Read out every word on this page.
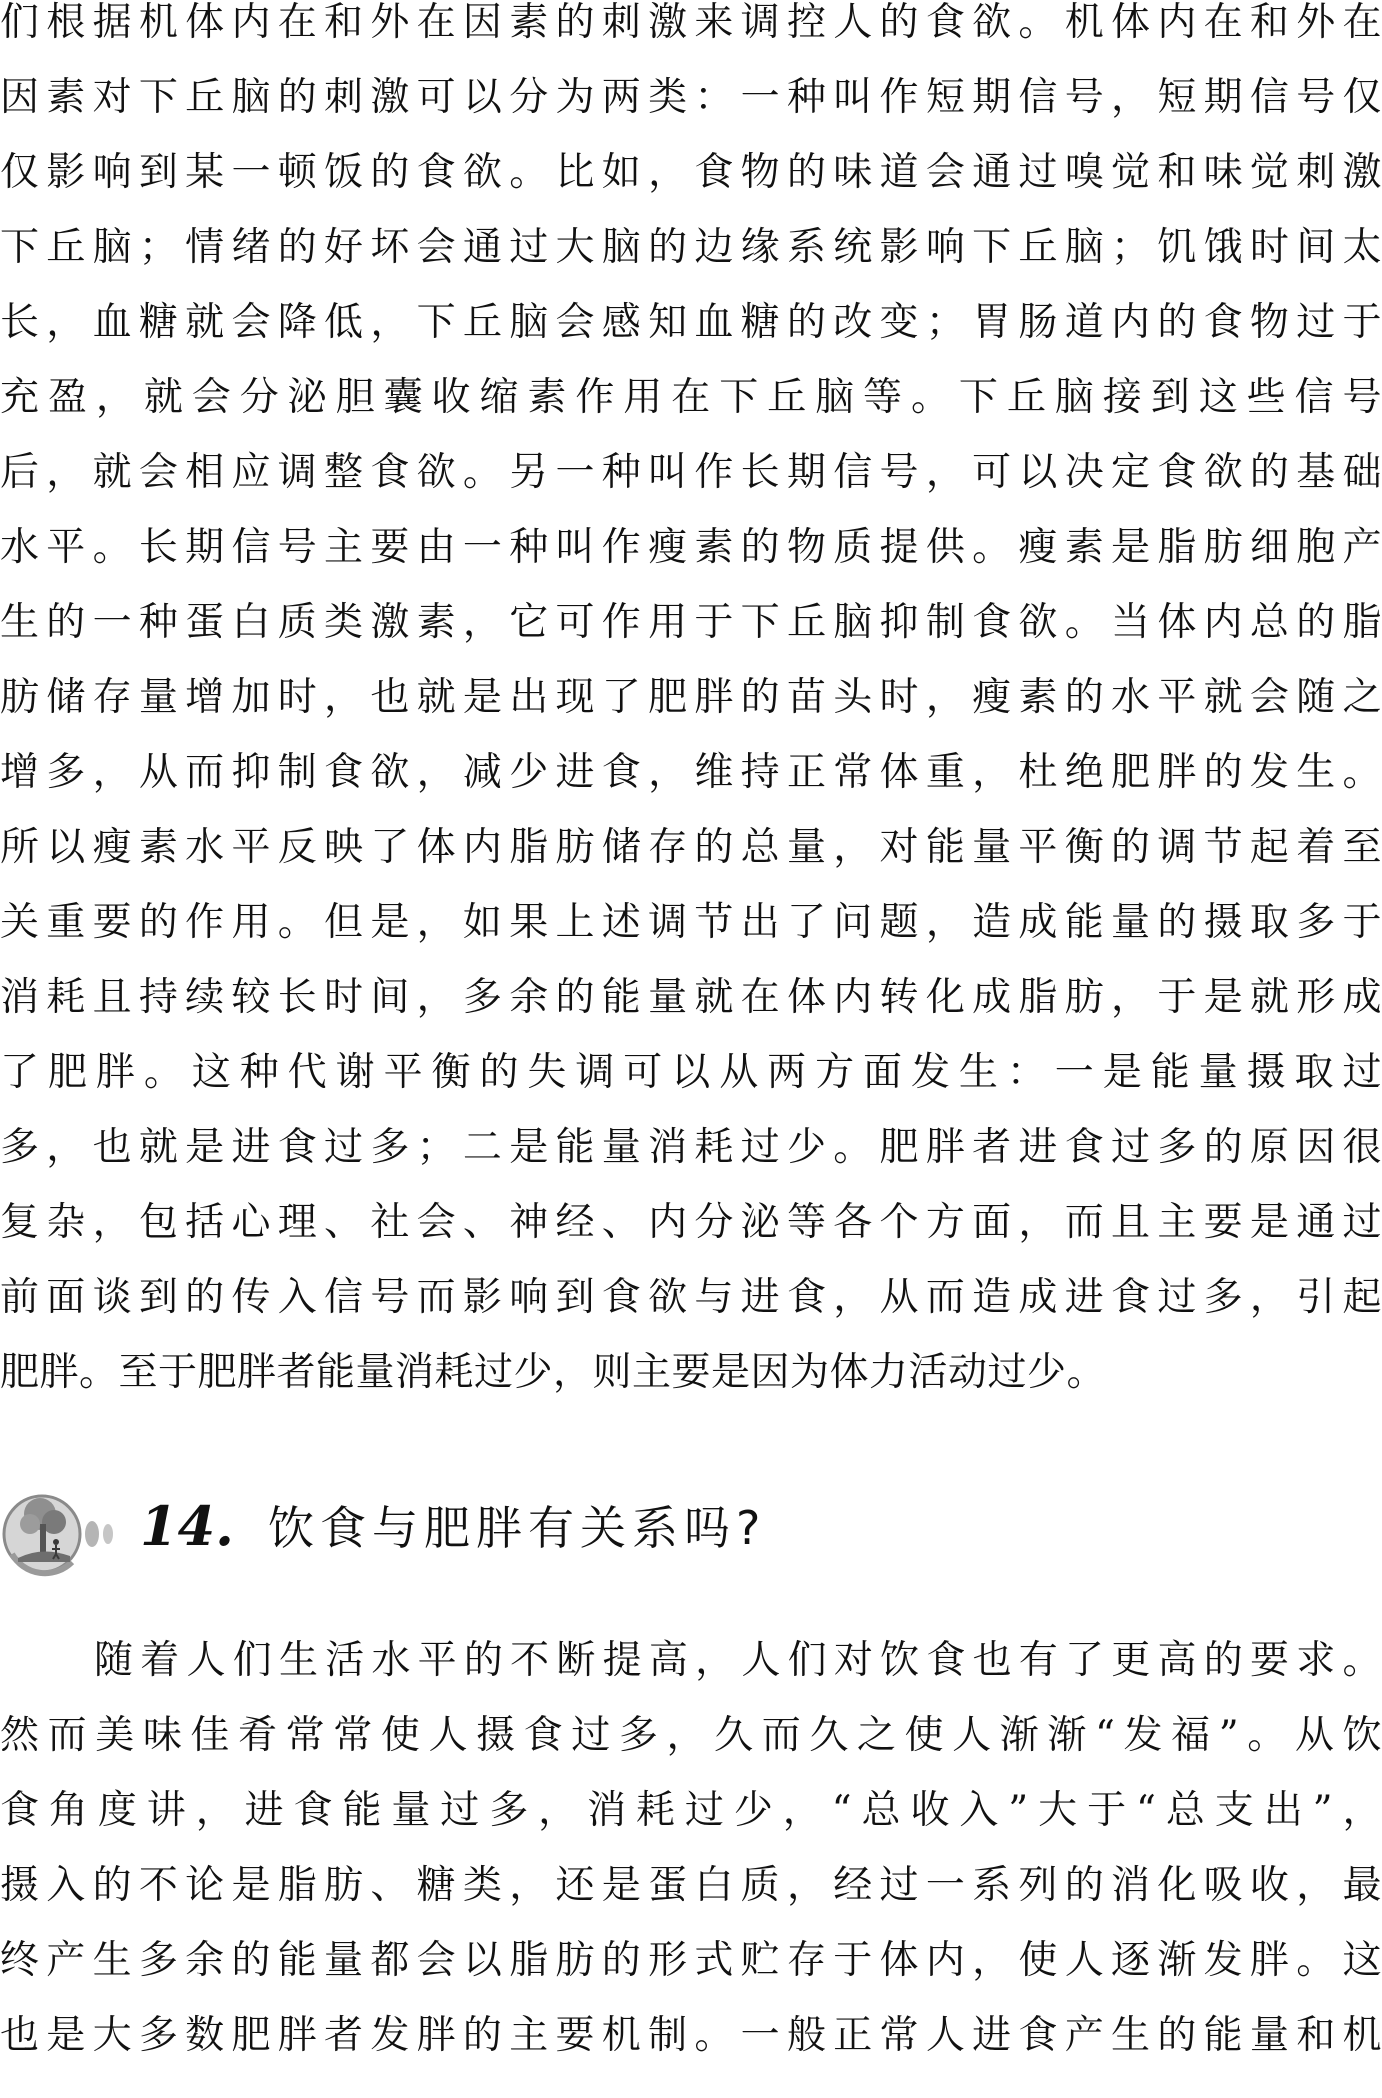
们根据机体内在和外在因素的刺激来调控人的食欲。机体内在和外在
因素对下丘脑的刺激可以分为两类：一种叫作短期信号，短期信号仅
仅影响到某一顿饭的食欲。比如，食物的味道会通过嗅觉和味觉刺激
下丘脑；情绪的好坏会通过大脑的边缘系统影响下丘脑；饥饿时间太
长，血糖就会降低，下丘脑会感知血糖的改变；胃肠道内的食物过于
充盈，就会分泌胆囊收缩素作用在下丘脑等。下丘脑接到这些信号
后，就会相应调整食欲。另一种叫作长期信号，可以决定食欲的基础
水平。长期信号主要由一种叫作瘦素的物质提供。瘦素是脂肪细胞产
生的一种蛋白质类激素，它可作用于下丘脑抑制食欲。当体内总的脂
肪储存量增加时，也就是出现了肥胖的苗头时，瘦素的水平就会随之
增多，从而抑制食欲，减少进食，维持正常体重，杜绝肥胖的发生。
所以瘦素水平反映了体内脂肪储存的总量，对能量平衡的调节起着至
关重要的作用。但是，如果上述调节出了问题，造成能量的摄取多于
消耗且持续较长时间，多余的能量就在体内转化成脂肪，于是就形成
了肥胖。这种代谢平衡的失调可以从两方面发生：一是能量摄取过
多，也就是进食过多；二是能量消耗过少。肥胖者进食过多的原因很
复杂，包括心理、社会、神经、内分泌等各个方面，而且主要是通过
前面谈到的传入信号而影响到食欲与进食，从而造成进食过多，引起
肥胖。至于肥胖者能量消耗过少，则主要是因为体力活动过少。
14. 饮食与肥胖有关系吗?
随着人们生活水平的不断提高，人们对饮食也有了更高的要求。
然而美味佳肴常常使人摄食过多，久而久之使人渐渐“发福”。从饮
食角度讲，进食能量过多，消耗过少，“总收入”大于“总支出”，
摄入的不论是脂肪、糖类，还是蛋白质，经过一系列的消化吸收，最
终产生多余的能量都会以脂肪的形式贮存于体内，使人逐渐发胖。这
也是大多数肥胖者发胖的主要机制。一般正常人进食产生的能量和机
